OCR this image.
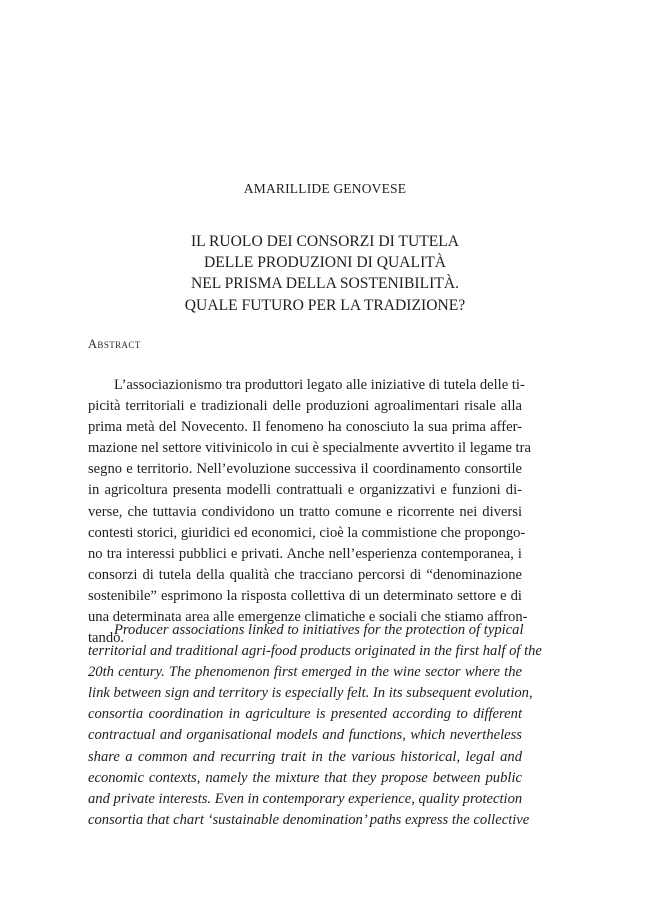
AMARILLIDE GENOVESE
IL RUOLO DEI CONSORZI DI TUTELA
DELLE PRODUZIONI DI QUALITÀ
NEL PRISMA DELLA SOSTENIBILITÀ.
QUALE FUTURO PER LA TRADIZIONE?
Abstract
L’associazionismo tra produttori legato alle iniziative di tutela delle ti-
picità territoriali e tradizionali delle produzioni agroalimentari risale alla
prima metà del Novecento. Il fenomeno ha conosciuto la sua prima affer-
mazione nel settore vitivinicolo in cui è specialmente avvertito il legame tra
segno e territorio. Nell’evoluzione successiva il coordinamento consortile
in agricoltura presenta modelli contrattuali e organizzativi e funzioni di-
verse, che tuttavia condividono un tratto comune e ricorrente nei diversi
contesti storici, giuridici ed economici, cioè la commistione che propongo-
no tra interessi pubblici e privati. Anche nell’esperienza contemporanea, i
consorzi di tutela della qualità che tracciano percorsi di “denominazione
sostenibile” esprimono la risposta collettiva di un determinato settore e di
una determinata area alle emergenze climatiche e sociali che stiamo affron-
tando.
Producer associations linked to initiatives for the protection of typical
territorial and traditional agri-food products originated in the first half of the
20th century. The phenomenon first emerged in the wine sector where the
link between sign and territory is especially felt. In its subsequent evolution,
consortia coordination in agriculture is presented according to different
contractual and organisational models and functions, which nevertheless
share a common and recurring trait in the various historical, legal and
economic contexts, namely the mixture that they propose between public
and private interests. Even in contemporary experience, quality protection
consortia that chart ‘sustainable denomination’ paths express the collective
